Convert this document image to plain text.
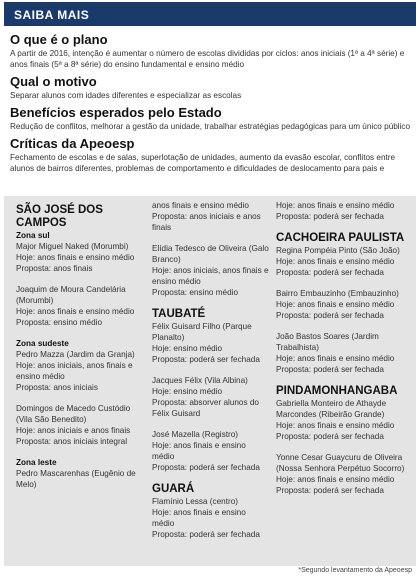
SAIBA MAIS
O que é o plano
A partir de 2016, intenção é aumentar o número de escolas divididas por ciclos: anos iniciais (1ª a 4ª série) e anos finais (5ª a 8ª série) do ensino fundamental e ensino médio
Qual o motivo
Separar alunos com idades diferentes e especializar as escolas
Benefícios esperados pelo Estado
Redução de conflitos, melhorar a gestão da unidade, trabalhar estratégias pedagógicas para um único público
Críticas da Apeoesp
Fechamento de escolas e de salas, superlotação de unidades, aumento da evasão escolar, conflitos entre alunos de bairros diferentes, problemas de comportamento e dificuldades de deslocamento para pais e
SÃO JOSÉ DOS CAMPOS
Zona sul
Major Miguel Naked (Morumbi)
Hoje: anos finais e ensino médio
Proposta: anos finais
Joaquim de Moura Candelária (Morumbi)
Hoje: anos finais e ensino médio
Proposta: ensino médio
Zona sudeste
Pedro Mazza (Jardim da Granja)
Hoje: anos iniciais, anos finais e ensino médio
Proposta: anos iniciais
Domingos de Macedo Custódio (Vila São Benedito)
Hoje: anos iniciais e anos finais
Proposta: anos iniciais integral
Zona leste
Pedro Mascarenhas (Eugênio de Melo)
anos finais e ensino médio
Proposta: anos iniciais e anos finais
Elídia Tedesco de Oliveira (Galo Branco)
Hoje: anos iniciais, anos finais e ensino médio
Proposta: ensino médio
TAUBATÉ
Félix Guisard Filho (Parque Planalto)
Hoje: ensino médio
Proposta: poderá ser fechada
Jacques Félix (Vila Albina)
Hoje: ensino médio
Proposta: absorver alunos do Félix Guisard
José Mazella (Registro)
Hoje: anos finais e ensino médio
Proposta: poderá ser fechada
GUARÁ
Flamínio Lessa (centro)
Hoje: anos finais e ensino médio
Proposta: poderá ser fechada
Hoje: anos finais e ensino médio
Proposta: poderá ser fechada
CACHOEIRA PAULISTA
Regina Pompéia Pinto (São João)
Hoje: anos finais e ensino médio
Proposta: poderá ser fechada
Bairro Embauzinho (Embauzinho)
Hoje: anos finais e ensino médio
Proposta: poderá ser fechada
João Bastos Soares (Jardim Trabalhista)
Hoje: anos finais e ensino médio
Proposta: poderá ser fechada
PINDAMONHANGABA
Gabriella Monteiro de Athayde Marcondes (Ribeirão Grande)
Hoje: anos finais e ensino médio
Proposta: poderá ser fechada
Yonne Cesar Guaycuru de Oliveira (Nossa Senhora Perpétuo Socorro)
Hoje: anos finais e ensino médio
Proposta: poderá ser fechada
*Segundo levantamento da Apeoesp
